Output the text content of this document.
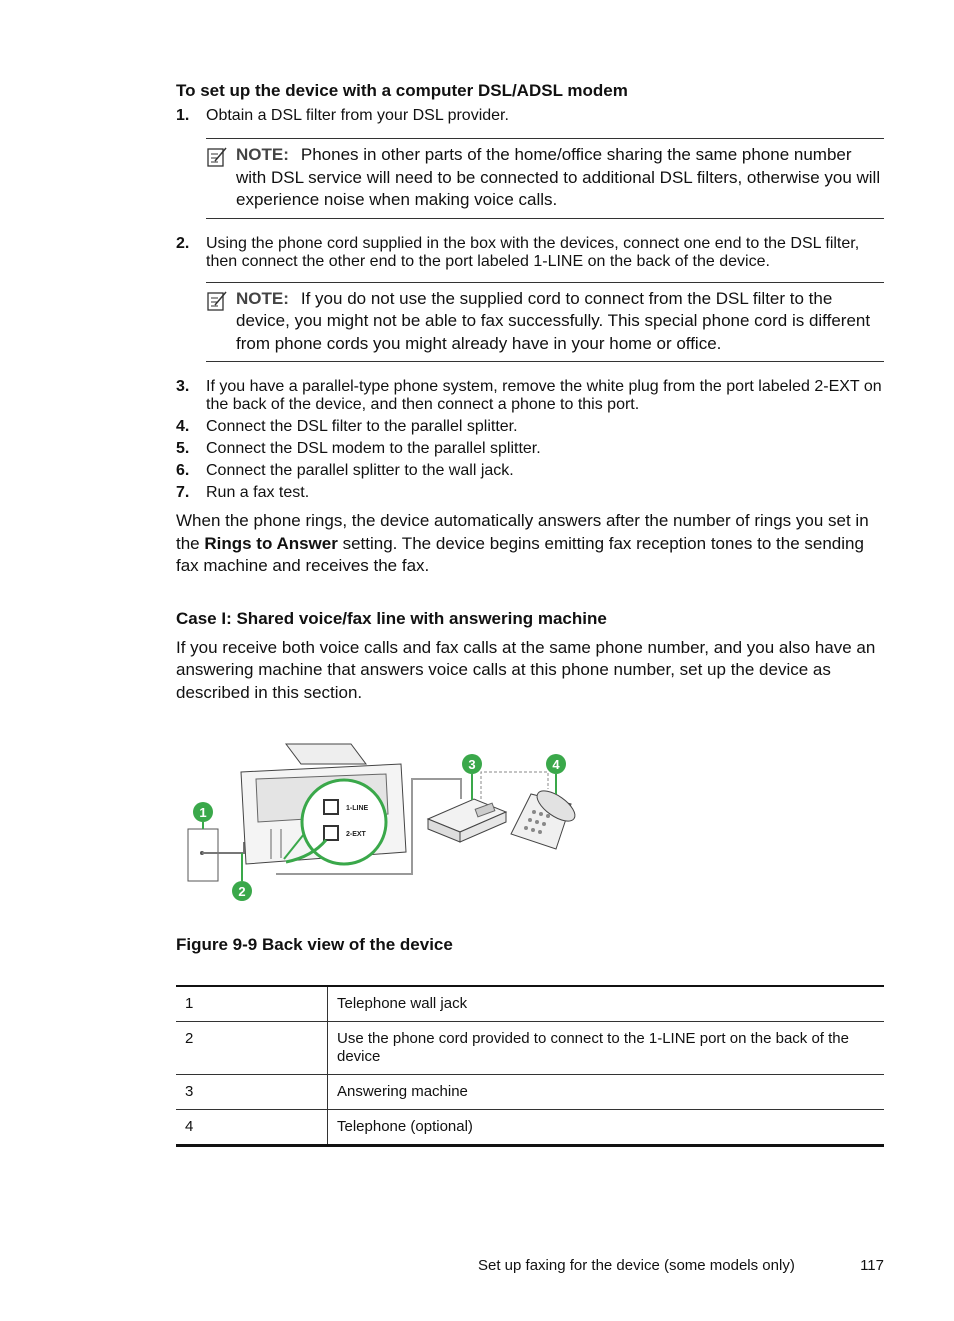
To set up the device with a computer DSL/ADSL modem
1.	Obtain a DSL filter from your DSL provider.
NOTE: Phones in other parts of the home/office sharing the same phone number with DSL service will need to be connected to additional DSL filters, otherwise you will experience noise when making voice calls.
2.	Using the phone cord supplied in the box with the devices, connect one end to the DSL filter, then connect the other end to the port labeled 1-LINE on the back of the device.
NOTE: If you do not use the supplied cord to connect from the DSL filter to the device, you might not be able to fax successfully. This special phone cord is different from phone cords you might already have in your home or office.
3.	If you have a parallel-type phone system, remove the white plug from the port labeled 2-EXT on the back of the device, and then connect a phone to this port.
4.	Connect the DSL filter to the parallel splitter.
5.	Connect the DSL modem to the parallel splitter.
6.	Connect the parallel splitter to the wall jack.
7.	Run a fax test.

When the phone rings, the device automatically answers after the number of rings you set in the Rings to Answer setting. The device begins emitting fax reception tones to the sending fax machine and receives the fax.

Case I: Shared voice/fax line with answering machine

If you receive both voice calls and fax calls at the same phone number, and you also have an answering machine that answers voice calls at this phone number, set up the device as described in this section.

1-LINE
2-EXT
1
2
3	4
Figure 9-9 Back view of the device
1	Telephone wall jack
2	Use the phone cord provided to connect to the 1-LINE port on the back of the device
3	Answering machine
4	Telephone (optional)
Set up faxing for the device (some models only)	117
